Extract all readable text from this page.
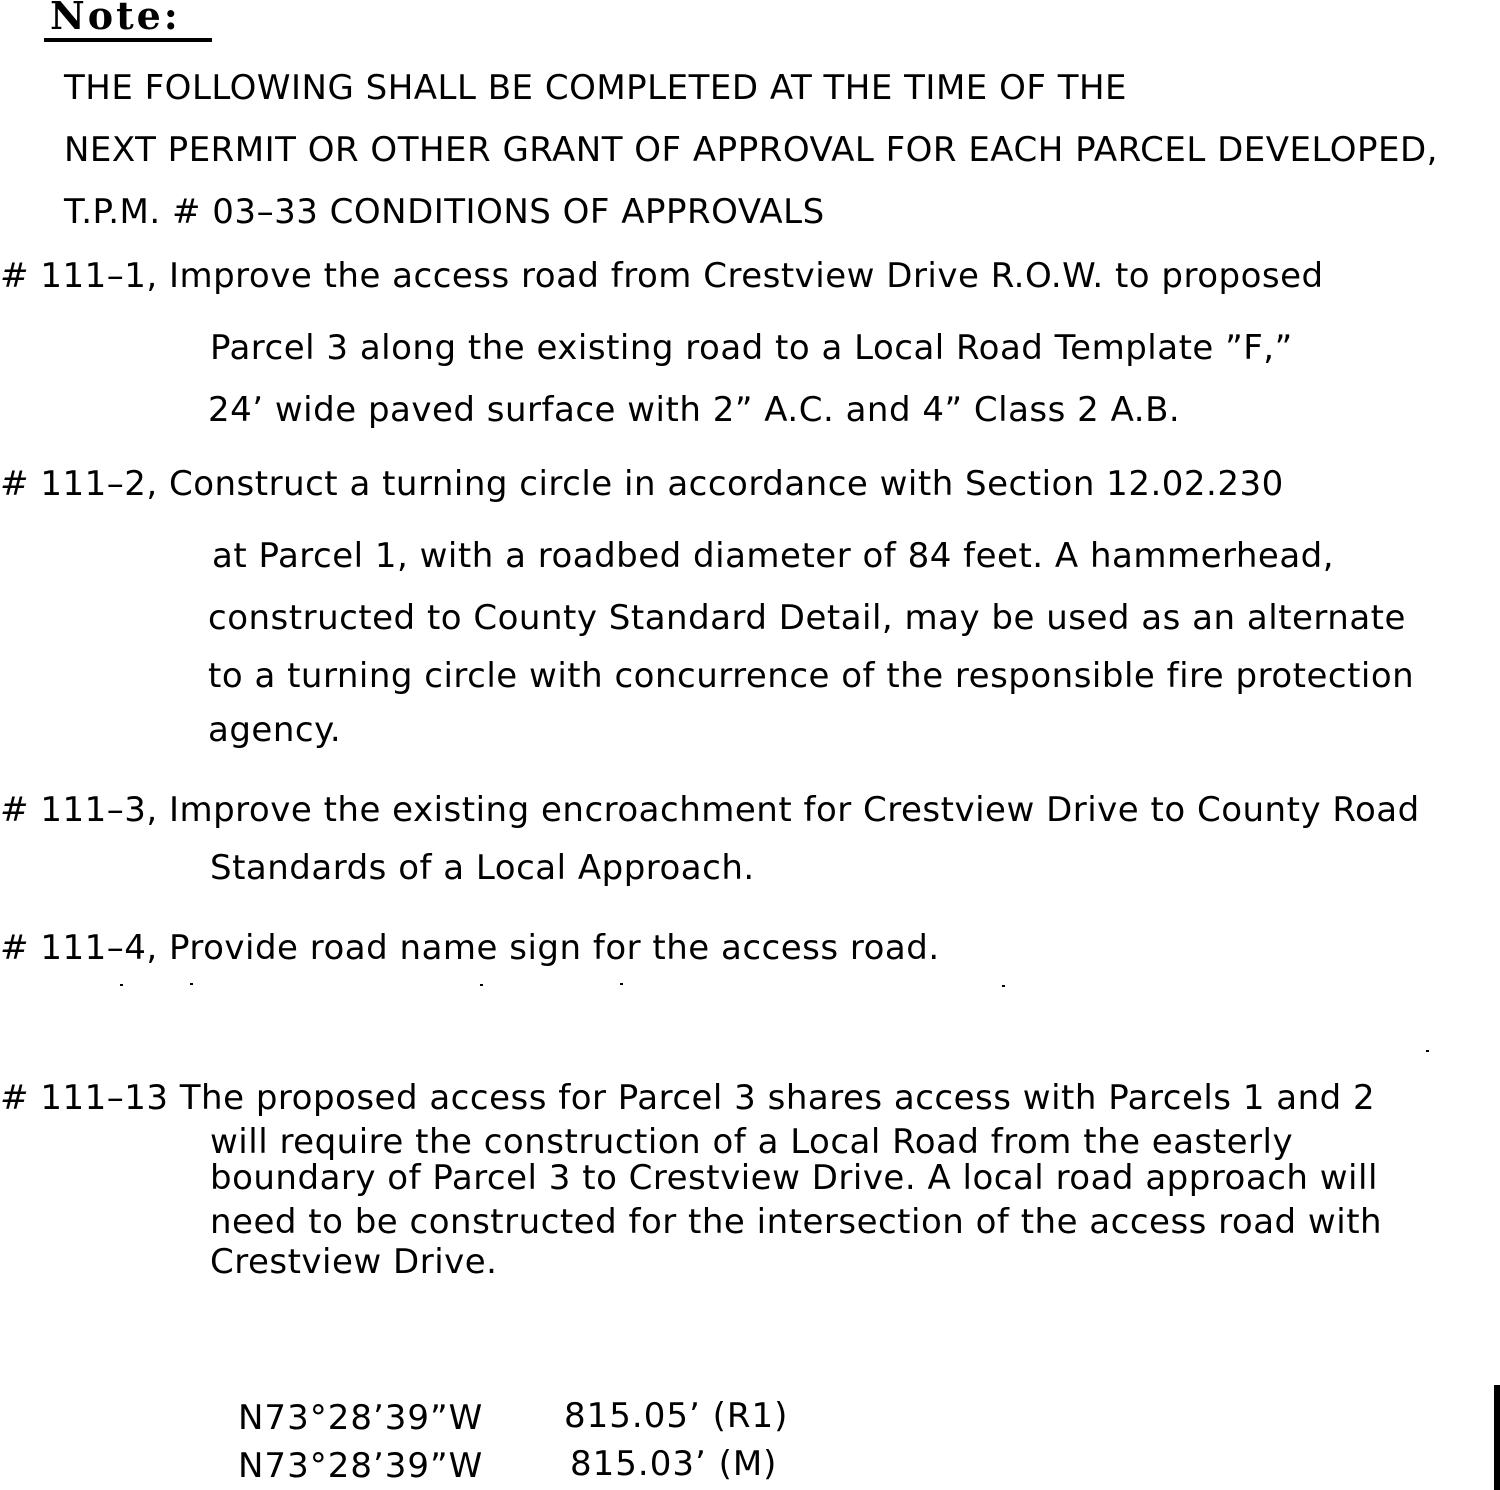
Note:
THE FOLLOWING SHALL BE COMPLETED AT THE TIME OF THE
NEXT PERMIT OR OTHER GRANT OF APPROVAL FOR EACH PARCEL DEVELOPED,
T.P.M. # 03–33 CONDITIONS OF APPROVALS
# 111–1, Improve the access road from Crestview Drive R.O.W. to proposed
Parcel 3 along the existing road to a Local Road Template ”F,”
24’ wide paved surface with 2” A.C. and 4” Class 2 A.B.
# 111–2, Construct a turning circle in accordance with Section 12.02.230
at Parcel 1, with a roadbed diameter of 84 feet. A hammerhead,
constructed to County Standard Detail, may be used as an alternate
to a turning circle with concurrence of the responsible fire protection
agency.
# 111–3, Improve the existing encroachment for Crestview Drive to County Road
Standards of a Local Approach.
# 111–4, Provide road name sign for the access road.
# 111–13 The proposed access for Parcel 3 shares access with Parcels 1 and 2
will require the construction of a Local Road from the easterly
boundary of Parcel 3 to Crestview Drive. A local road approach will
need to be constructed for the intersection of the access road with
Crestview Drive.
N73°28’39”W 815.05’ (R1)
N73°28’39”W	815.03’ (M)
